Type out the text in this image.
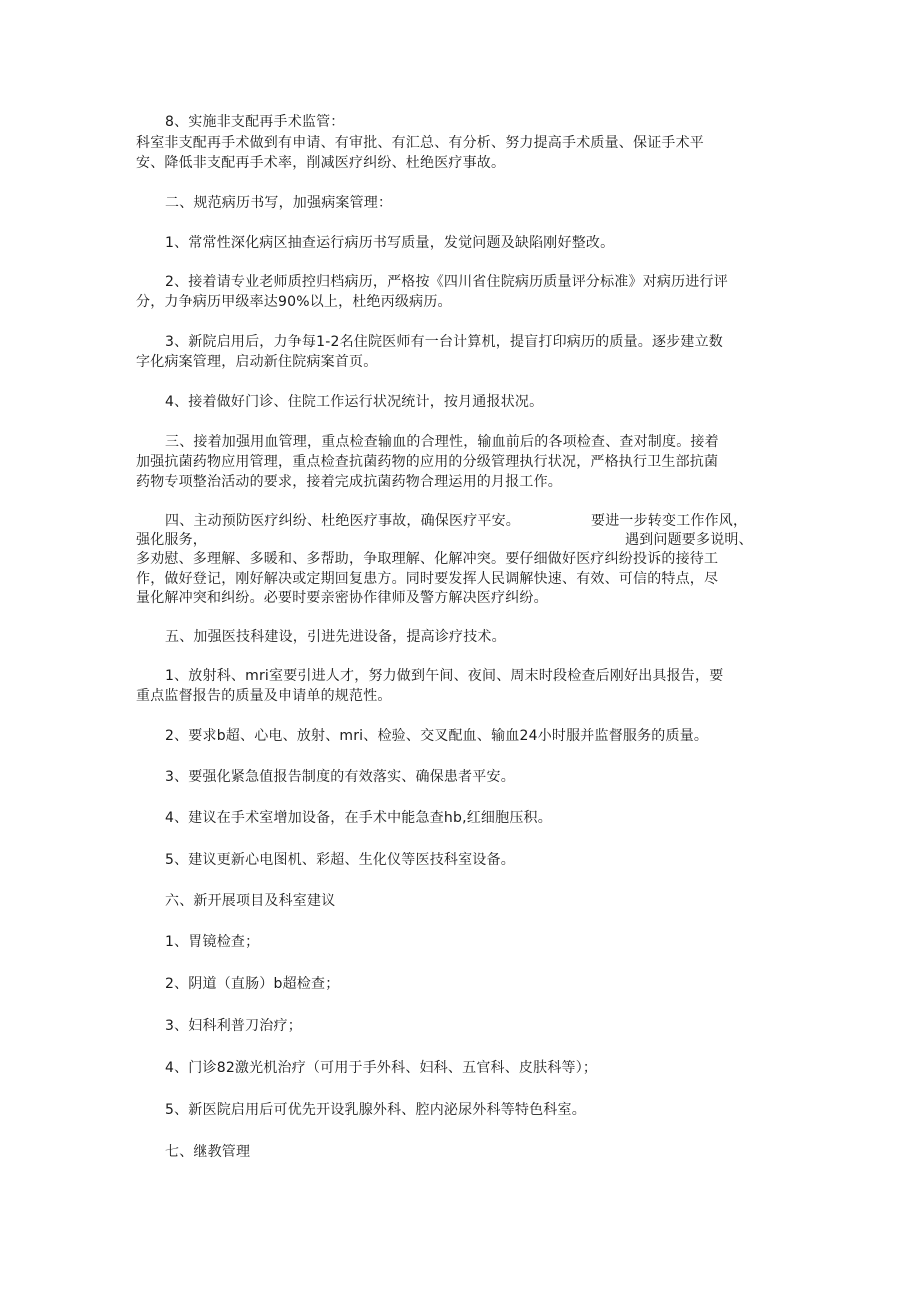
8、实施非支配再手术监管：
科室非支配再手术做到有申请、有审批、有汇总、有分析、努力提高手术质量、保证手术平
安、降低非支配再手术率，削减医疗纠纷、杜绝医疗事故。
二、规范病历书写，加强病案管理：
1、常常性深化病区抽查运行病历书写质量，发觉问题及缺陷刚好整改。
2、接着请专业老师质控归档病历，严格按《四川省住院病历质量评分标准》对病历进行评
分，力争病历甲级率达90%以上，杜绝丙级病历。
3、新院启用后，力争每1-2名住院医师有一台计算机，提盲打印病历的质量。逐步建立数
字化病案管理，启动新住院病案首页。
4、接着做好门诊、住院工作运行状况统计，按月通报状况。
三、接着加强用血管理，重点检查输血的合理性，输血前后的各项检查、查对制度。接着
加强抗菌药物应用管理，重点检查抗菌药物的应用的分级管理执行状况，严格执行卫生部抗菌
药物专项整治活动的要求，接着完成抗菌药物合理运用的月报工作。
四、主动预防医疗纠纷、杜绝医疗事故，确保医疗平安。	要进一步转变工作作风，
强化服务，	遇到问题要多说明、
多劝慰、多理解、多暖和、多帮助，争取理解、化解冲突。要仔细做好医疗纠纷投诉的接待工
作，做好登记，刚好解决或定期回复患方。同时要发挥人民调解快速、有效、可信的特点，尽
量化解冲突和纠纷。必要时要亲密协作律师及警方解决医疗纠纷。
五、加强医技科建设，引进先进设备，提高诊疗技术。
1、放射科、mri室要引进人才，努力做到午间、夜间、周末时段检查后刚好出具报告，要
重点监督报告的质量及申请单的规范性。
2、要求b超、心电、放射、mri、检验、交叉配血、输血24小时服并监督服务的质量。
3、要强化紧急值报告制度的有效落实、确保患者平安。
4、建议在手术室增加设备，在手术中能急查hb,红细胞压积。
5、建议更新心电图机、彩超、生化仪等医技科室设备。
六、新开展项目及科室建议
1、胃镜检查；
2、阴道（直肠）b超检查；
3、妇科利普刀治疗；
4、门诊82激光机治疗（可用于手外科、妇科、五官科、皮肤科等）；
5、新医院启用后可优先开设乳腺外科、腔内泌尿外科等特色科室。
七、继教管理
